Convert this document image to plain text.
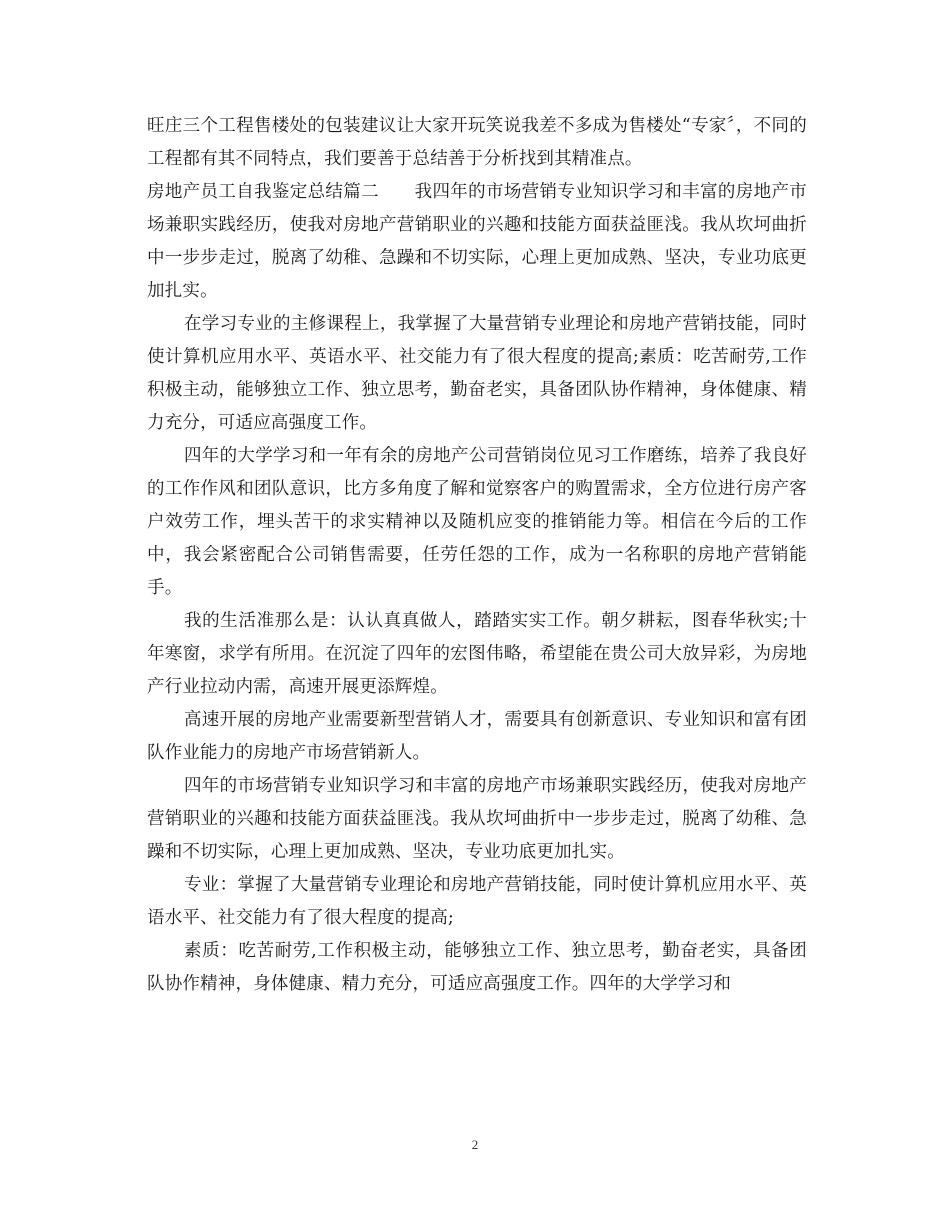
旺庄三个工程售楼处的包装建议让大家开玩笑说我差不多成为售楼处“专家〞，不同的工程都有其不同特点，我们要善于总结善于分析找到其精准点。

房地产员工自我鉴定总结篇二　　我四年的市场营销专业知识学习和丰富的房地产市场兼职实践经历，使我对房地产营销职业的兴趣和技能方面获益匪浅。我从坎坷曲折中一步步走过，脱离了幼稚、急躁和不切实际，心理上更加成熟、坚决，专业功底更加扎实。

在学习专业的主修课程上，我掌握了大量营销专业理论和房地产营销技能，同时使计算机应用水平、英语水平、社交能力有了很大程度的提高;素质：吃苦耐劳,工作积极主动，能够独立工作、独立思考，勤奋老实，具备团队协作精神，身体健康、精力充分，可适应高强度工作。

四年的大学学习和一年有余的房地产公司营销岗位见习工作磨练，培养了我良好的工作作风和团队意识，比方多角度了解和觉察客户的购置需求，全方位进行房产客户效劳工作，埋头苦干的求实精神以及随机应变的推销能力等。相信在今后的工作中，我会紧密配合公司销售需要，任劳任怨的工作，成为一名称职的房地产营销能手。

我的生活准那么是：认认真真做人，踏踏实实工作。朝夕耕耘，图春华秋实;十年寒窗，求学有所用。在沉淀了四年的宏图伟略，希望能在贵公司大放异彩，为房地产行业拉动内需，高速开展更添辉煌。

高速开展的房地产业需要新型营销人才，需要具有创新意识、专业知识和富有团队作业能力的房地产市场营销新人。

四年的市场营销专业知识学习和丰富的房地产市场兼职实践经历，使我对房地产营销职业的兴趣和技能方面获益匪浅。我从坎坷曲折中一步步走过，脱离了幼稚、急躁和不切实际，心理上更加成熟、坚决，专业功底更加扎实。

专业：掌握了大量营销专业理论和房地产营销技能，同时使计算机应用水平、英语水平、社交能力有了很大程度的提高;

素质：吃苦耐劳,工作积极主动，能够独立工作、独立思考，勤奋老实，具备团队协作精神，身体健康、精力充分，可适应高强度工作。四年的大学学习和

2
